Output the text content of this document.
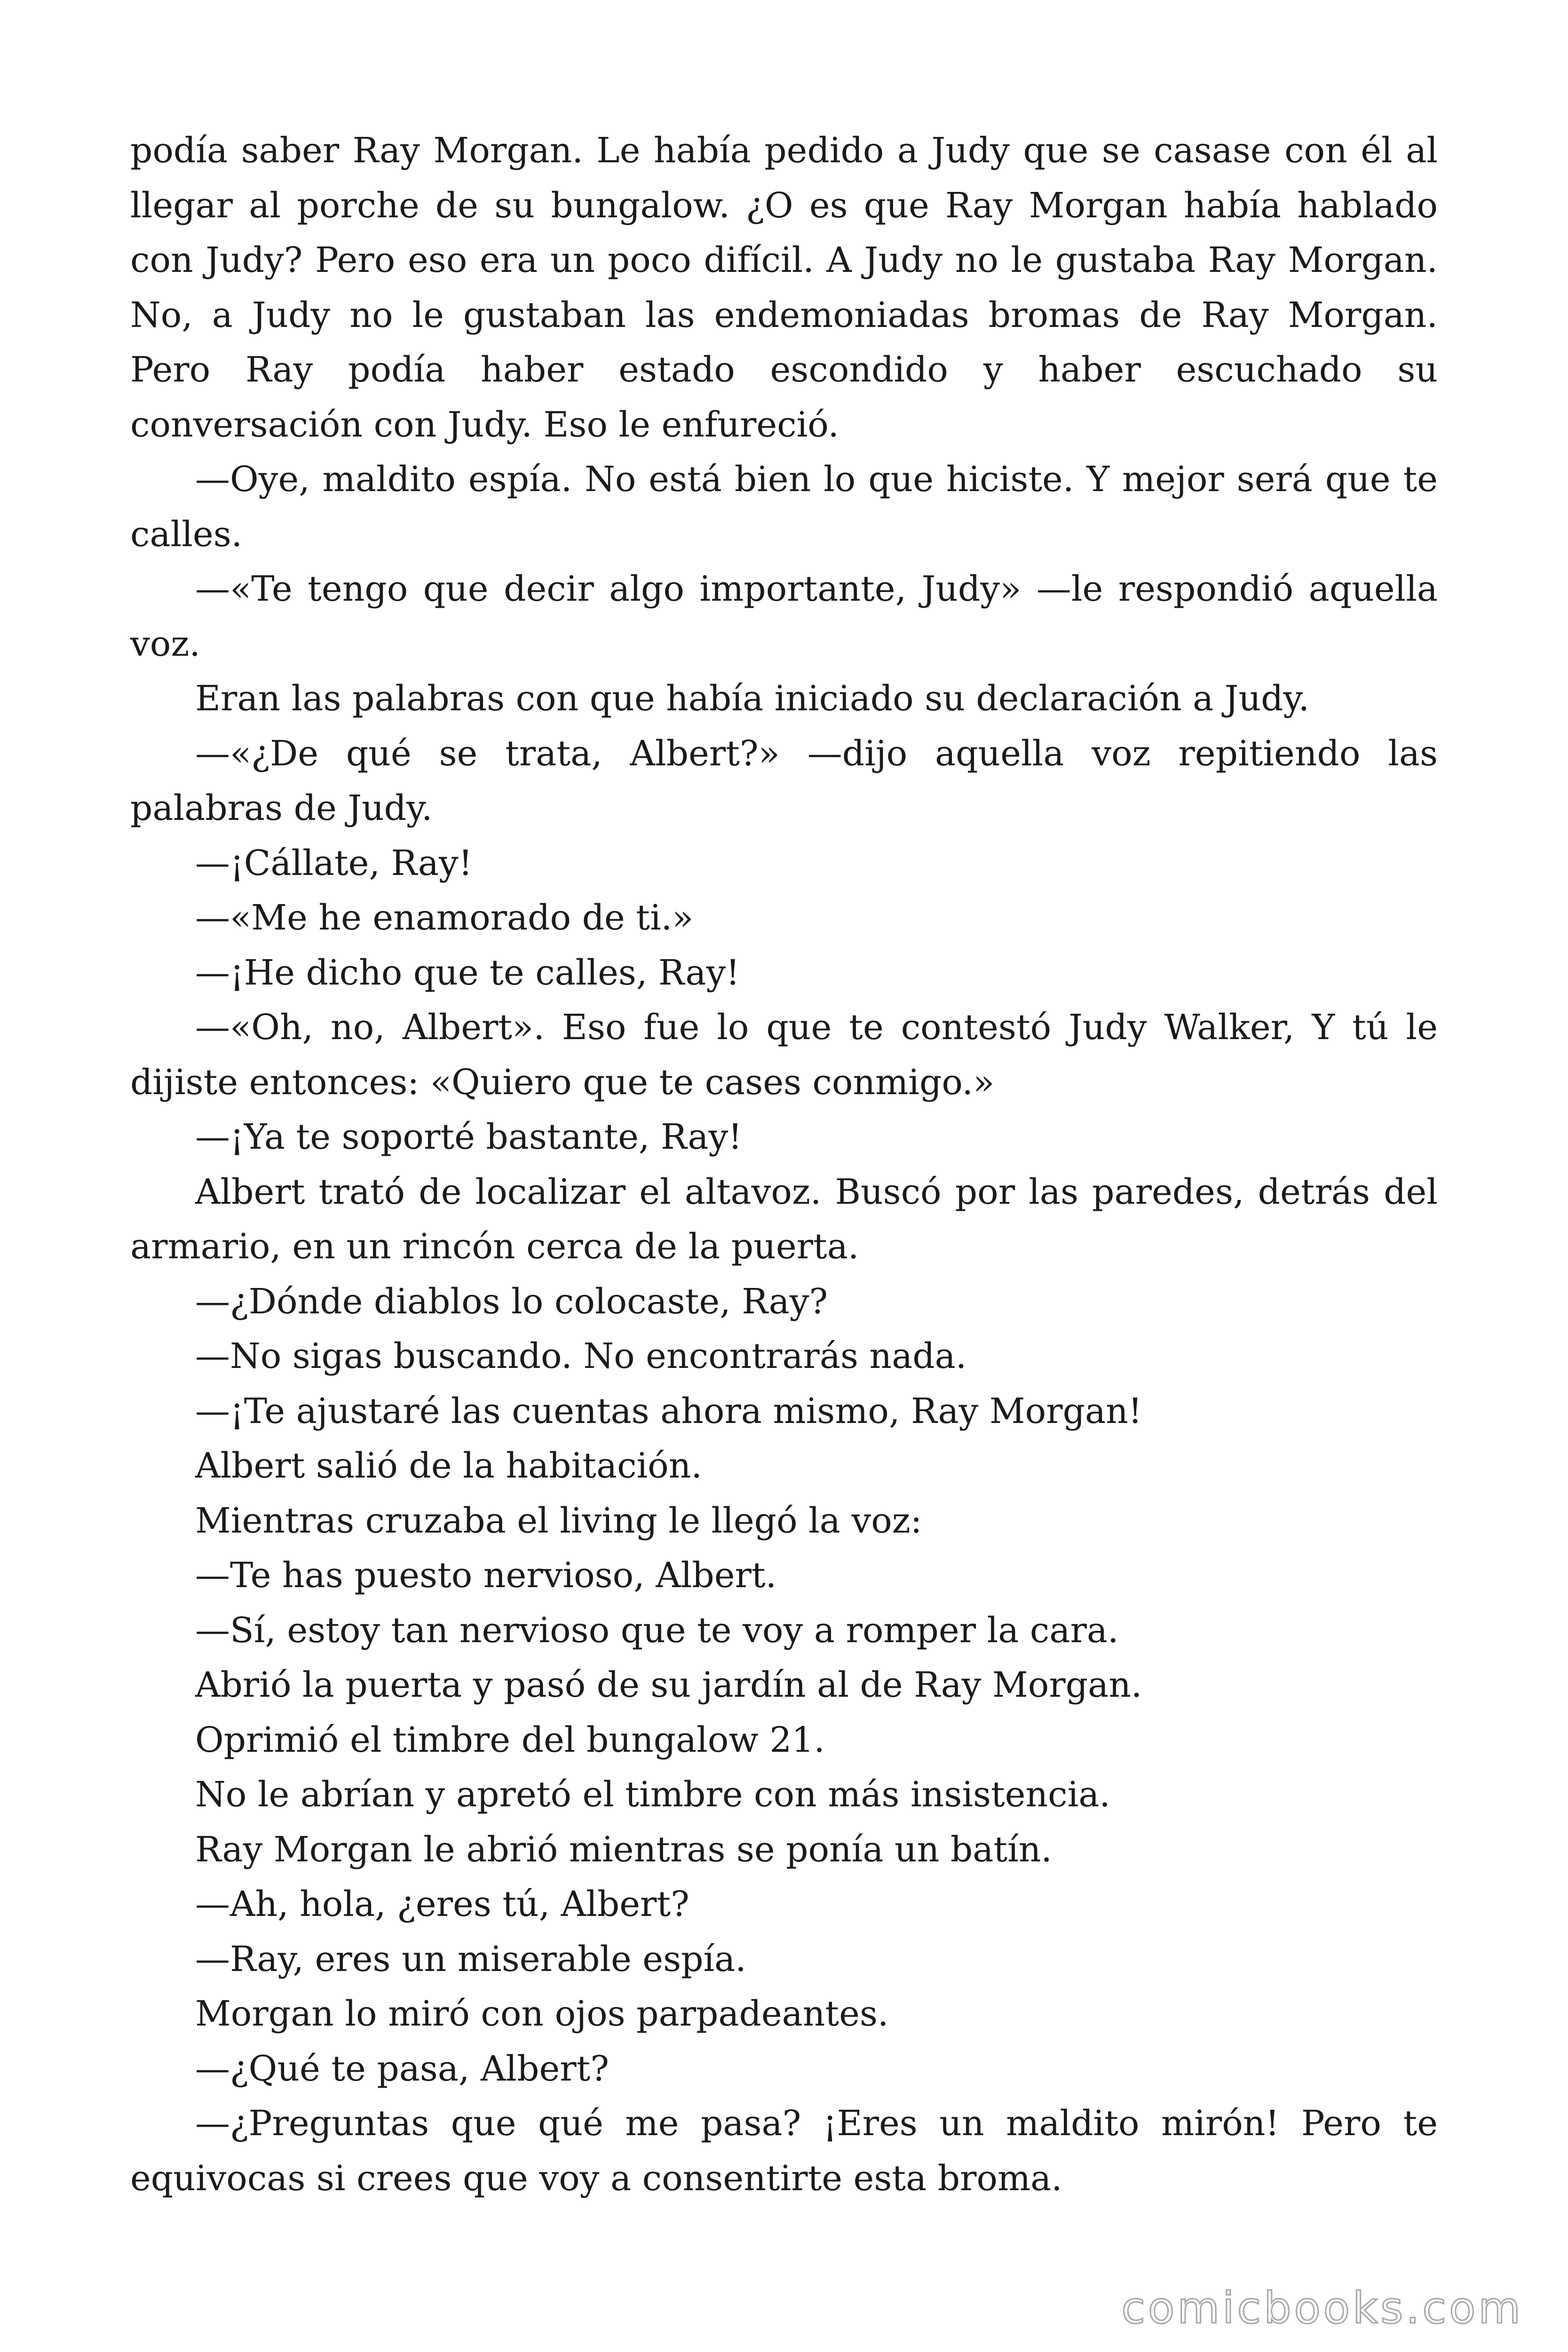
podía saber Ray Morgan. Le había pedido a Judy que se casase con él al llegar al porche de su bungalow. ¿O es que Ray Morgan había hablado con Judy? Pero eso era un poco difícil. A Judy no le gustaba Ray Morgan. No, a Judy no le gustaban las endemoniadas bromas de Ray Morgan. Pero Ray podía haber estado escondido y haber escuchado su conversación con Judy. Eso le enfureció.

—Oye, maldito espía. No está bien lo que hiciste. Y mejor será que te calles.

—«Te tengo que decir algo importante, Judy» —le respondió aquella voz.

Eran las palabras con que había iniciado su declaración a Judy.

—«¿De qué se trata, Albert?» —dijo aquella voz repitiendo las palabras de Judy.

—¡Cállate, Ray!

—«Me he enamorado de ti.»

—¡He dicho que te calles, Ray!

—«Oh, no, Albert». Eso fue lo que te contestó Judy Walker, Y tú le dijiste entonces: «Quiero que te cases conmigo.»

—¡Ya te soporté bastante, Ray!

Albert trató de localizar el altavoz. Buscó por las paredes, detrás del armario, en un rincón cerca de la puerta.

—¿Dónde diablos lo colocaste, Ray?

—No sigas buscando. No encontrarás nada.

—¡Te ajustaré las cuentas ahora mismo, Ray Morgan!

Albert salió de la habitación.

Mientras cruzaba el living le llegó la voz:

—Te has puesto nervioso, Albert.

—Sí, estoy tan nervioso que te voy a romper la cara.

Abrió la puerta y pasó de su jardín al de Ray Morgan.

Oprimió el timbre del bungalow 21.

No le abrían y apretó el timbre con más insistencia.

Ray Morgan le abrió mientras se ponía un batín.

—Ah, hola, ¿eres tú, Albert?

—Ray, eres un miserable espía.

Morgan lo miró con ojos parpadeantes.

—¿Qué te pasa, Albert?

—¿Preguntas que qué me pasa? ¡Eres un maldito mirón! Pero te equivocas si crees que voy a consentirte esta broma.

comicbooks.com
